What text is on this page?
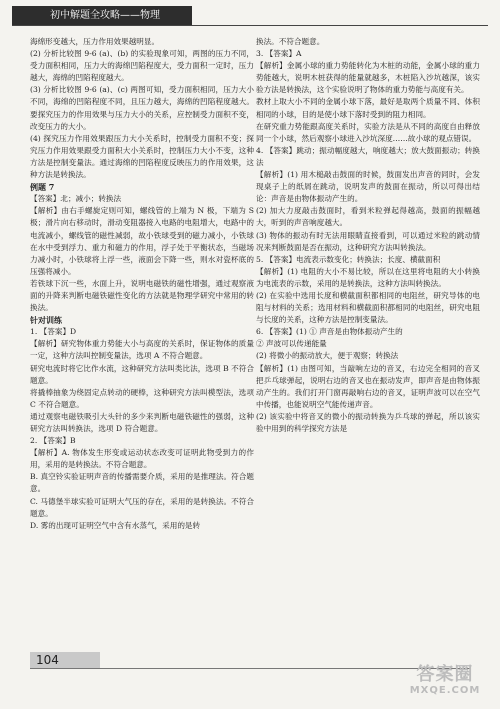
初中解题全攻略——物理

海绵形变越大，压力作用效果越明显。

(2) 分析比较图 9-6 (a)、(b) 的实验现象可知，两图的压力不同，受力面积相同，压力大的海绵凹陷程度大，受力面积一定时，压力越大，海绵的凹陷程度越大。

(3) 分析比较图 9-6 (a)、(c) 两图可知，受力面积相同，压力大小不同，海绵的凹陷程度不同，且压力越大，海绵的凹陷程度越大。要探究压力的作用效果与压力大小的关系，应控制受力面积不变，改变压力的大小。

(4) 探究压力作用效果跟压力大小关系时，控制受力面积不变；探究压力作用效果跟受力面积大小关系时，控制压力大小不变，这种方法是控制变量法。通过海绵的凹陷程度反映压力的作用效果，这种方法是转换法。

例题 7

【答案】北；减小；转换法

【解析】由右手螺旋定则可知，螺线管的上端为 N 极，下端为 S 极；滑片向右移动时，滑动变阻器接入电路的电阻增大，电路中的电流减小，螺线管的磁性减弱，故小铁球受到的磁力减小，小铁球在水中受到浮力、重力和磁力的作用，浮子处于平衡状态，当磁场力减小时，小铁球将上浮一些，液面会下降一些，则水对瓷杯底的压强将减小。

若铁球下沉一些，水面上升，说明电磁铁的磁性增强，通过观察液面的升降来判断电磁铁磁性变化的方法就是物理学研究中常用的转换法。

针对训练

1. 【答案】D

【解析】研究物体重力势能大小与高度的关系时，保证物体的质量一定，这种方法叫控制变量法，选项 A 不符合题意。

研究电流时将它比作水流，这种研究方法叫类比法，选项 B 不符合题意。

将撬棒抽象为绕固定点转动的硬棒，这种研究方法叫模型法，选项 C 不符合题意。

通过观察电磁铁吸引大头针的多少来判断电磁铁磁性的强弱，这种研究方法叫转换法，选项 D 符合题意。

2. 【答案】B

【解析】A. 物体发生形变或运动状态改变可证明此物受到力的作用，采用的是转换法。不符合题意。

B. 真空铃实验证明声音的传播需要介质，采用的是推理法。符合题意。

C. 马德堡半球实验可证明大气压的存在，采用的是转换法。不符合题意。

D. 雾的出现可证明空气中含有水蒸气，采用的是转

换法。不符合题意。

3. 【答案】A

【解析】金属小球的重力势能转化为木桩的动能，金属小球的重力势能越大，说明木桩获得的能量就越多，木桩陷入沙坑越深，该实验方法是转换法，这个实验说明了物体的重力势能与高度有关。

教材上取大小不同的金属小球下落，最好是取两个质量不同、体积相同的小球，目的是使小球下落时受到的阻力相同。

在研究重力势能跟高度关系时，实验方法是从不同的高度自由释放同一个小球，然后观察小球进入沙坑深度……故小球的观点错误。

4. 【答案】跳动；振动幅度越大，响度越大；放大鼓面振动；转换法

【解析】(1) 用木槌敲击鼓面的时候，鼓面发出声音的同时，会发现桌子上的纸屑在跳动，说明发声的鼓面在振动，所以可得出结论：声音是由物体振动产生的。

(2) 加大力度敲击鼓面时，看到米粒弹起得越高，鼓面的振幅越大，听到的声音响度越大。

(3) 物体的振动有时无法用眼睛直接看到，可以通过米粒的跳动情况来判断鼓面是否在振动，这种研究方法叫转换法。

5. 【答案】电流表示数变化；转换法；长度、横截面积

【解析】(1) 电阻的大小不易比较，所以在这里将电阻的大小转换为电流表的示数，采用的是转换法，这种方法叫转换法。

(2) 在实验中选用长度和横截面积都相同的电阻丝，研究导体的电阻与材料的关系；选用材料和横截面积都相同的电阻丝，研究电阻与长度的关系，这种方法是控制变量法。

6. 【答案】(1) ① 声音是由物体振动产生的

② 声波可以传递能量

(2) 将微小的振动放大，便于观察；转换法

【解析】(1) 由图可知，当敲响左边的音叉，右边完全相同的音叉把乒乓球弹起，说明右边的音叉也在振动发声，即声音是由物体振动产生的。我们打开门窗再敲响右边的音叉，证明声波可以在空气中传播，也能说明空气能传递声音。

(2) 该实验中将音叉的微小的振动转换为乒乓球的弹起，所以该实验中用到的科学探究方法是

104
答案圈
MXQE.COM
